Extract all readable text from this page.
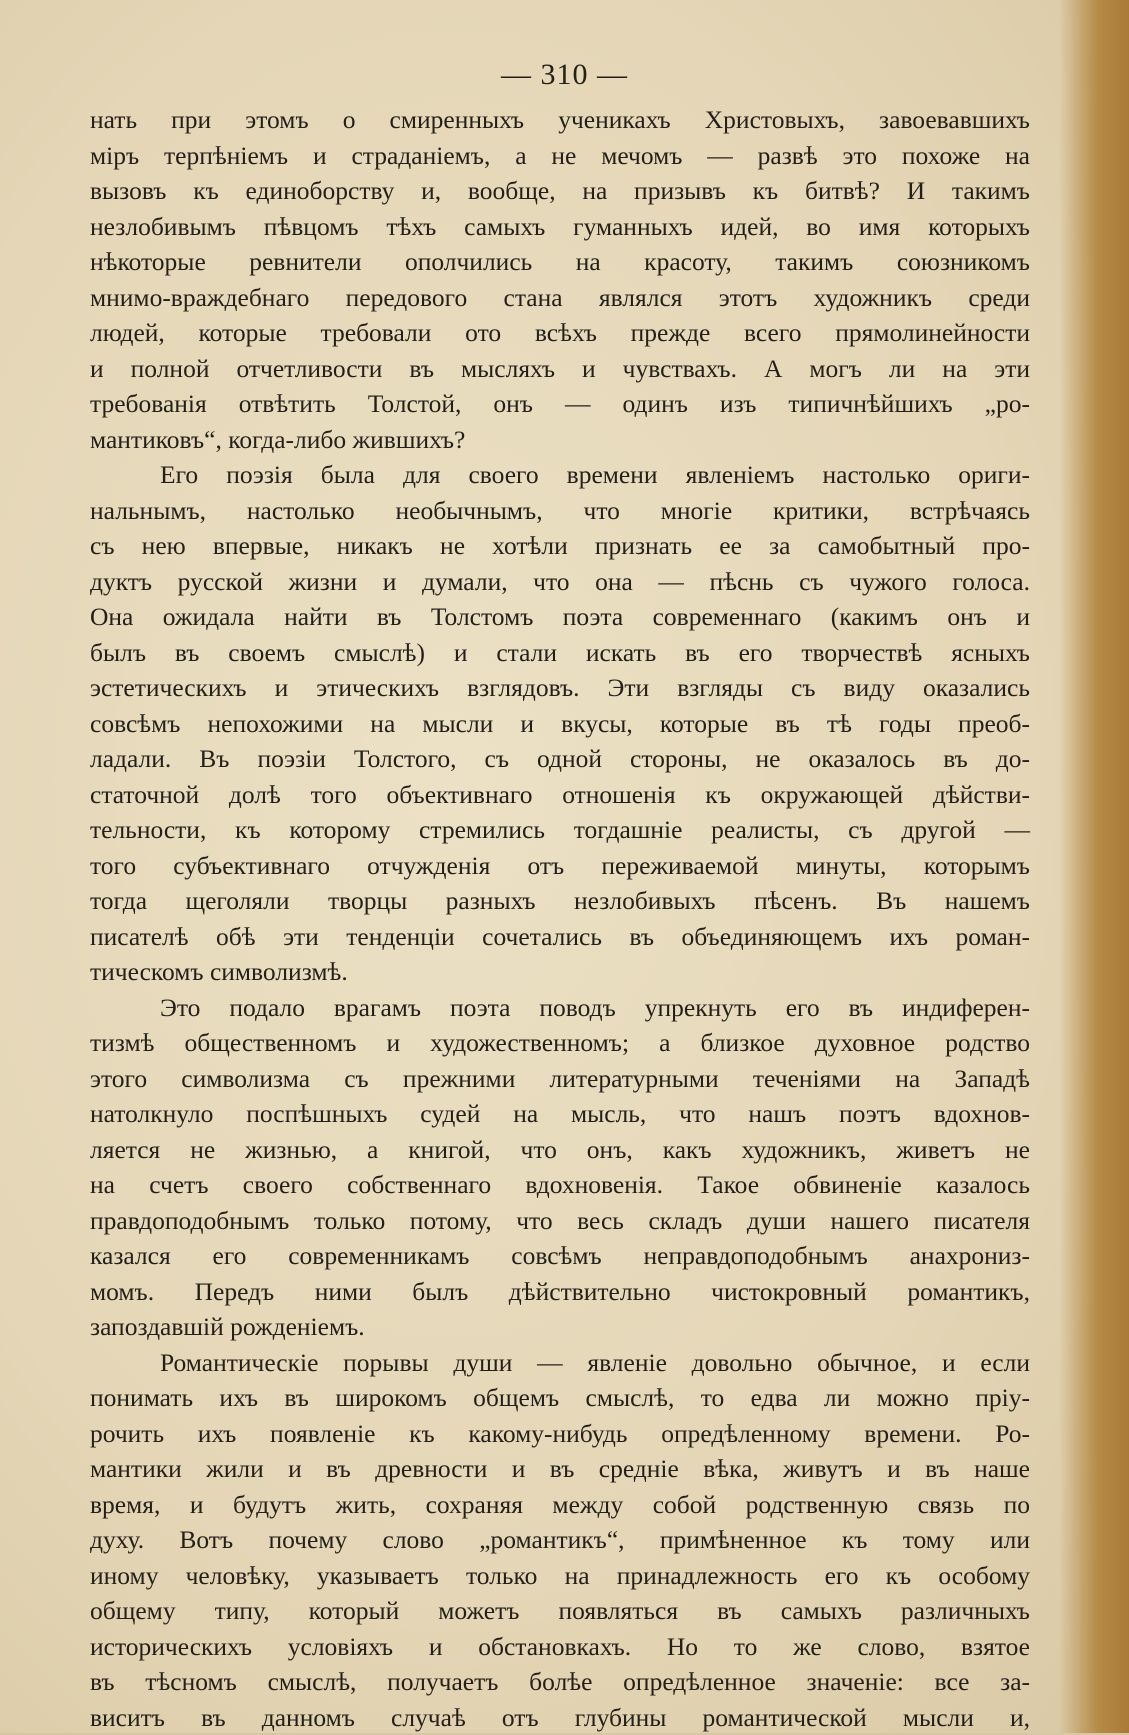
— 310 —
нать при этомъ о смиренныхъ ученикахъ Христовыхъ, завоевавшихъ
міръ терпѣніемъ и страданіемъ, а не мечомъ — развѣ это похоже на
вызовъ къ единоборству и, вообще, на призывъ къ битвѣ? И такимъ
незлобивымъ пѣвцомъ тѣхъ самыхъ гуманныхъ идей, во имя которыхъ
нѣкоторые ревнители ополчились на красоту, такимъ союзникомъ
мнимо-враждебнаго передового стана являлся этотъ художникъ среди
людей, которые требовали ото всѣхъ прежде всего прямолинейности
и полной отчетливости въ мысляхъ и чувствахъ. А могъ ли на эти
требованія отвѣтить Толстой, онъ — одинъ изъ типичнѣйшихъ „ро-
мантиковъ“, когда-либо жившихъ?
Его поэзія была для своего времени явленіемъ настолько ориги-
нальнымъ, настолько необычнымъ, что многіе критики, встрѣчаясь
съ нею впервые, никакъ не хотѣли признать ее за самобытный про-
дуктъ русской жизни и думали, что она — пѣснь съ чужого голоса.
Она ожидала найти въ Толстомъ поэта современнаго (какимъ онъ и
былъ въ своемъ смыслѣ) и стали искать въ его творчествѣ ясныхъ
эстетическихъ и этическихъ взглядовъ. Эти взгляды съ виду оказались
совсѣмъ непохожими на мысли и вкусы, которые въ тѣ годы преоб-
ладали. Въ поэзіи Толстого, съ одной стороны, не оказалось въ до-
статочной долѣ того объективнаго отношенія къ окружающей дѣйстви-
тельности, къ которому стремились тогдашніе реалисты, съ другой —
того субъективнаго отчужденія отъ переживаемой минуты, которымъ
тогда щеголяли творцы разныхъ незлобивыхъ пѣсенъ. Въ нашемъ
писателѣ обѣ эти тенденціи сочетались въ объединяющемъ ихъ роман-
тическомъ символизмѣ.
Это подало врагамъ поэта поводъ упрекнуть его въ индиферен-
тизмѣ общественномъ и художественномъ; а близкое духовное родство
этого символизма съ прежними литературными теченіями на Западѣ
натолкнуло поспѣшныхъ судей на мысль, что нашъ поэтъ вдохнов-
ляется не жизнью, а книгой, что онъ, какъ художникъ, живетъ не
на счетъ своего собственнаго вдохновенія. Такое обвиненіе казалось
правдоподобнымъ только потому, что весь складъ души нашего писателя
казался его современникамъ совсѣмъ неправдоподобнымъ анахрониз-
момъ. Передъ ними былъ дѣйствительно чистокровный романтикъ,
запоздавшій рожденіемъ.
Романтическіе порывы души — явленіе довольно обычное, и если
понимать ихъ въ широкомъ общемъ смыслѣ, то едва ли можно пріу-
рочить ихъ появленіе къ какому-нибудь опредѣленному времени. Ро-
мантики жили и въ древности и въ средніе вѣка, живутъ и въ наше
время, и будутъ жить, сохраняя между собой родственную связь по
духу. Вотъ почему слово „романтикъ“, примѣненное къ тому или
иному человѣку, указываетъ только на принадлежность его къ особому
общему типу, который можетъ появляться въ самыхъ различныхъ
историческихъ условіяхъ и обстановкахъ. Но то же слово, взятое
въ тѣсномъ смыслѣ, получаетъ болѣе опредѣленное значеніе: все за-
виситъ въ данномъ случаѣ отъ глубины романтической мысли и,
